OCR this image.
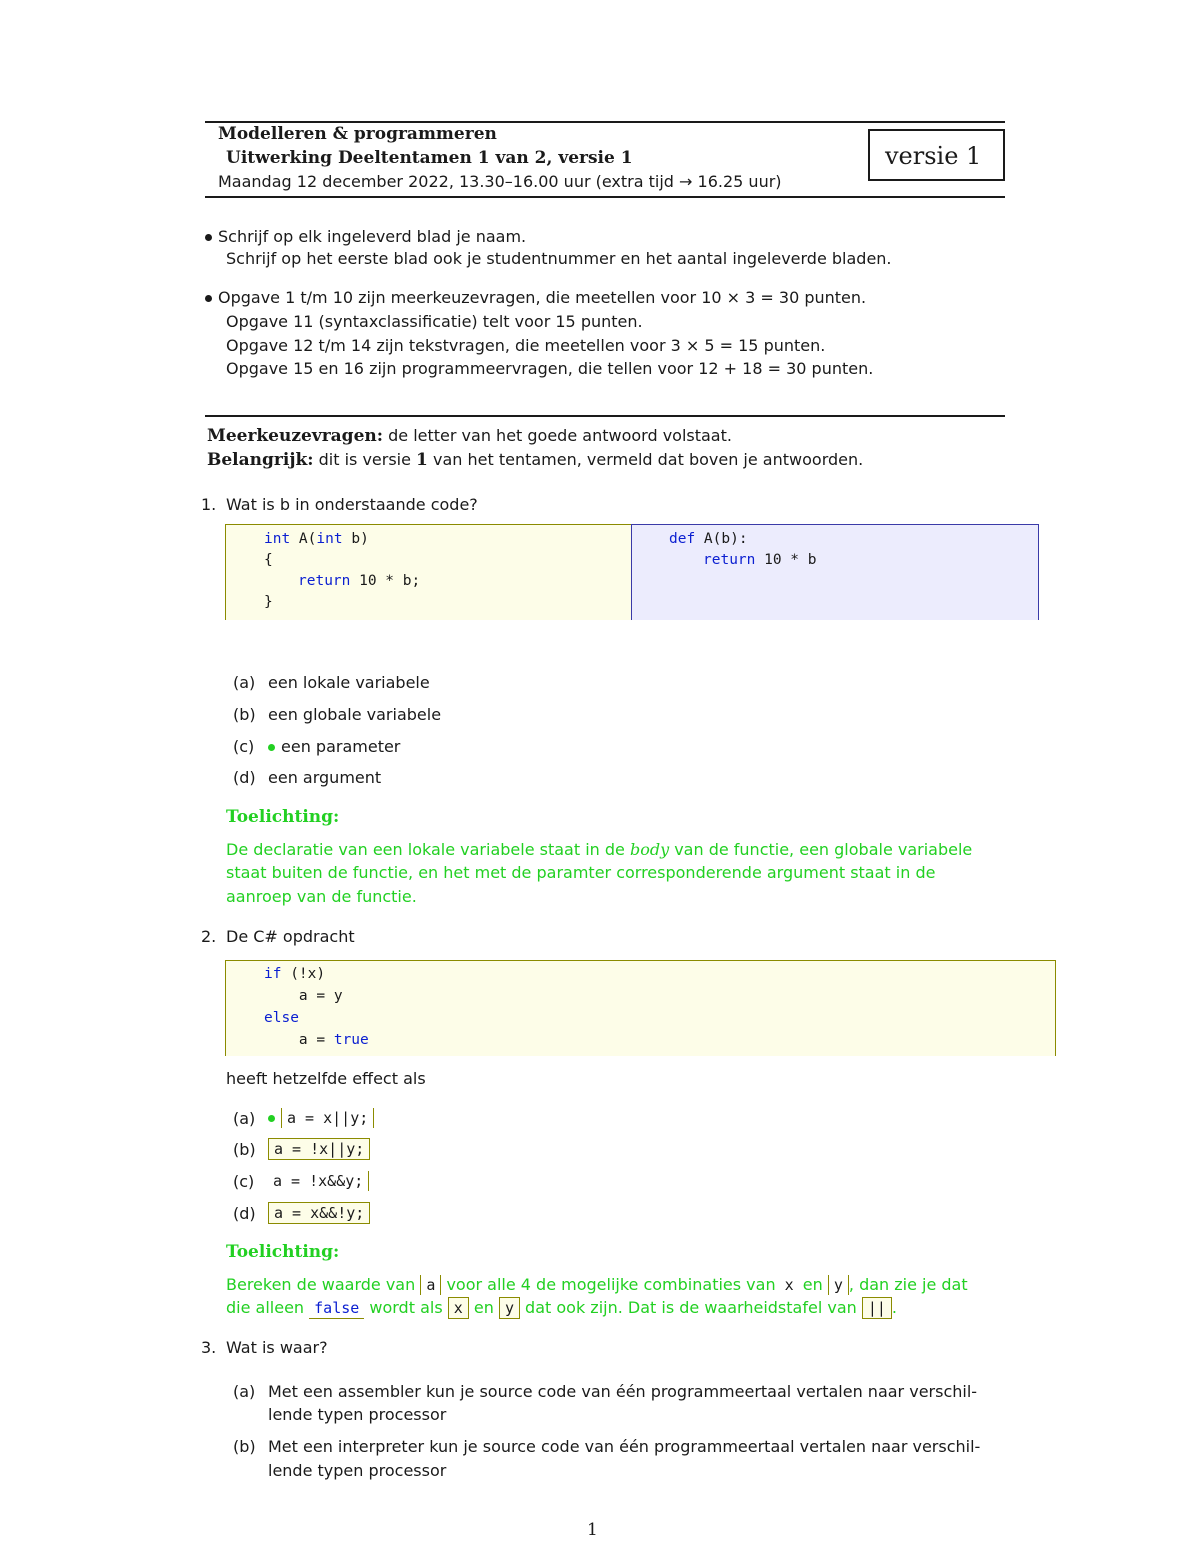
Modelleren & programmeren
Uitwerking Deeltentamen 1 van 2, versie 1
Maandag 12 december 2022, 13.30–16.00 uur (extra tijd → 16.25 uur)
versie 1
Schrijf op elk ingeleverd blad je naam.
Schrijf op het eerste blad ook je studentnummer en het aantal ingeleverde bladen.
Opgave 1 t/m 10 zijn meerkeuzevragen, die meetellen voor 10 × 3 = 30 punten.
Opgave 11 (syntaxclassificatie) telt voor 15 punten.
Opgave 12 t/m 14 zijn tekstvragen, die meetellen voor 3 × 5 = 15 punten.
Opgave 15 en 16 zijn programmeervragen, die tellen voor 12 + 18 = 30 punten.
Meerkeuzevragen: de letter van het goede antwoord volstaat.
Belangrijk: dit is versie 1 van het tentamen, vermeld dat boven je antwoorden.
1. Wat is b in onderstaande code?
int A(int b)
{
return 10 * b;
}
def A(b):
return 10 * b
(a) een lokale variabele
(b) een globale variabele
(c)	een parameter
(d) een argument
Toelichting:
De declaratie van een lokale variabele staat in de body van de functie, een globale variabele
staat buiten de functie, en het met de paramter corresponderende argument staat in de
aanroep van de functie.
2. De C# opdracht
if (!x)
a = y
else
a = true
heeft hetzelfde effect als
(a)	a = x||y;
(b)	a = !x||y;
(c)	a = !x&&y;
(d)	a = x&&!y;
Toelichting:
Bereken de waarde van a voor alle 4 de mogelijke combinaties van x en y , dan zie je dat
die alleen false wordt als x en y dat ook zijn. Dat is de waarheidstafel van || .
3. Wat is waar?
(a) Met een assembler kun je source code van één programmeertaal vertalen naar verschil-
lende typen processor
(b) Met een interpreter kun je source code van één programmeertaal vertalen naar verschil-
lende typen processor
1
